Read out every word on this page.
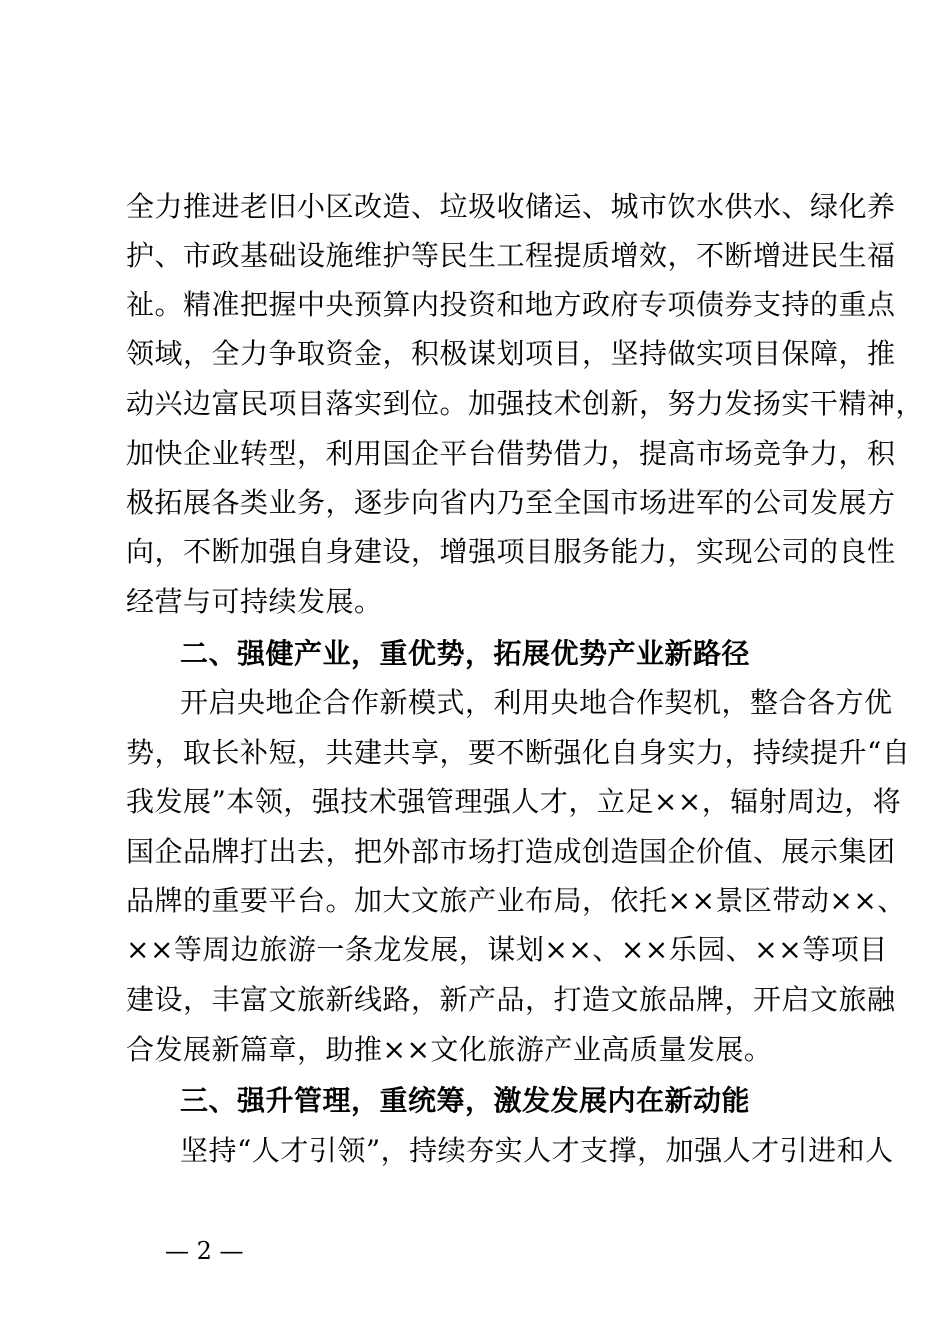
全力推进老旧小区改造、垃圾收储运、城市饮水供水、绿化养
护、市政基础设施维护等民生工程提质增效，不断增进民生福
祉。精准把握中央预算内投资和地方政府专项债券支持的重点
领域，全力争取资金，积极谋划项目，坚持做实项目保障，推
动兴边富民项目落实到位。加强技术创新，努力发扬实干精神，
加快企业转型，利用国企平台借势借力，提高市场竞争力，积
极拓展各类业务，逐步向省内乃至全国市场进军的公司发展方
向，不断加强自身建设，增强项目服务能力，实现公司的良性
经营与可持续发展。
二、强健产业，重优势，拓展优势产业新路径
开启央地企合作新模式，利用央地合作契机，整合各方优
势，取长补短，共建共享，要不断强化自身实力，持续提升“自
我发展”本领，强技术强管理强人才，立足××，辐射周边，将
国企品牌打出去，把外部市场打造成创造国企价值、展示集团
品牌的重要平台。加大文旅产业布局，依托××景区带动××、
××等周边旅游一条龙发展，谋划××、××乐园、××等项目
建设，丰富文旅新线路，新产品，打造文旅品牌，开启文旅融
合发展新篇章，助推××文化旅游产业高质量发展。
三、强升管理，重统筹，激发发展内在新动能
坚持“人才引领”，持续夯实人才支撑，加强人才引进和人
— 2 —
